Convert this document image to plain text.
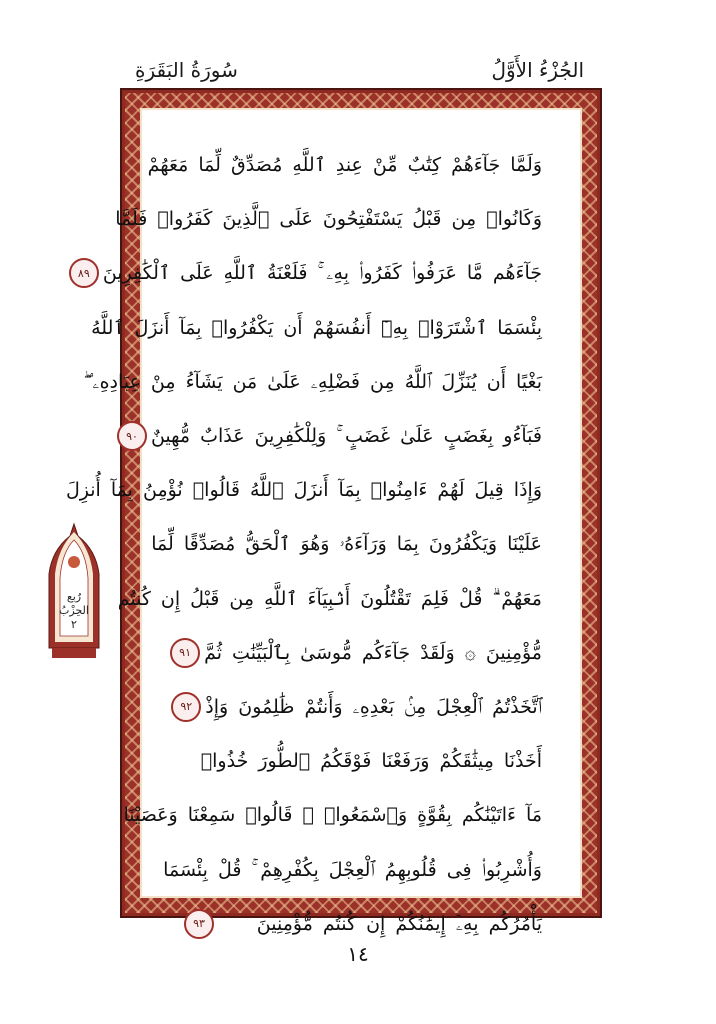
سُورَةُ البَقَرَةِ	الجُزْءُ الأَوَّلُ
وَلَمَّا جَآءَهُمْ كِتَٰبٌ مِّنْ عِندِ ٱللَّهِ مُصَدِّقٌ لِّمَا مَعَهُمْ
وَكَانُوا۟ مِن قَبْلُ يَسْتَفْتِحُونَ عَلَى ٱلَّذِينَ كَفَرُوا۟ فَلَمَّا
جَآءَهُم مَّا عَرَفُوا۟ كَفَرُوا۟ بِهِۦ ۚ فَلَعْنَةُ ٱللَّهِ عَلَى ٱلْكَٰفِرِينَ
٨٩
بِئْسَمَا ٱشْتَرَوْا۟ بِهِۦٓ أَنفُسَهُمْ أَن يَكْفُرُوا۟ بِمَآ أَنزَلَ ٱللَّهُ
بَغْيًا أَن يُنَزِّلَ ٱللَّهُ مِن فَضْلِهِۦ عَلَىٰ مَن يَشَآءُ مِنْ عِبَادِهِۦ ۖ
فَبَآءُو بِغَضَبٍ عَلَىٰ غَضَبٍ ۚ وَلِلْكَٰفِرِينَ عَذَابٌ مُّهِينٌ
٩٠
وَإِذَا قِيلَ لَهُمْ ءَامِنُوا۟ بِمَآ أَنزَلَ ٱللَّهُ قَالُوا۟ نُؤْمِنُ بِمَآ أُنزِلَ
عَلَيْنَا وَيَكْفُرُونَ بِمَا وَرَآءَهُۥ وَهُوَ ٱلْحَقُّ مُصَدِّقًا لِّمَا
مَعَهُمْ ۗ قُلْ فَلِمَ تَقْتُلُونَ أَنۢبِيَآءَ ٱللَّهِ مِن قَبْلُ إِن كُنتُم
مُّؤْمِنِينَ ۞ وَلَقَدْ جَآءَكُم مُّوسَىٰ بِٱلْبَيِّنَٰتِ ثُمَّ
٩١
ٱتَّخَذْتُمُ ٱلْعِجْلَ مِنۢ بَعْدِهِۦ وَأَنتُمْ ظَٰلِمُونَ وَإِذْ
٩٢
أَخَذْنَا مِيثَٰقَكُمْ وَرَفَعْنَا فَوْقَكُمُ ٱلطُّورَ خُذُوا۟
مَآ ءَاتَيْنَٰكُم بِقُوَّةٍ وَٱسْمَعُوا۟ ۖ قَالُوا۟ سَمِعْنَا وَعَصَيْنَا
وَأُشْرِبُوا۟ فِى قُلُوبِهِمُ ٱلْعِجْلَ بِكُفْرِهِمْ ۚ قُلْ بِئْسَمَا
يَأْمُرُكُم بِهِۦٓ إِيمَٰنُكُمْ إِن كُنتُم مُّؤْمِنِينَ
٩٣
رُبع
الحِزْبُ
٢
١٤
